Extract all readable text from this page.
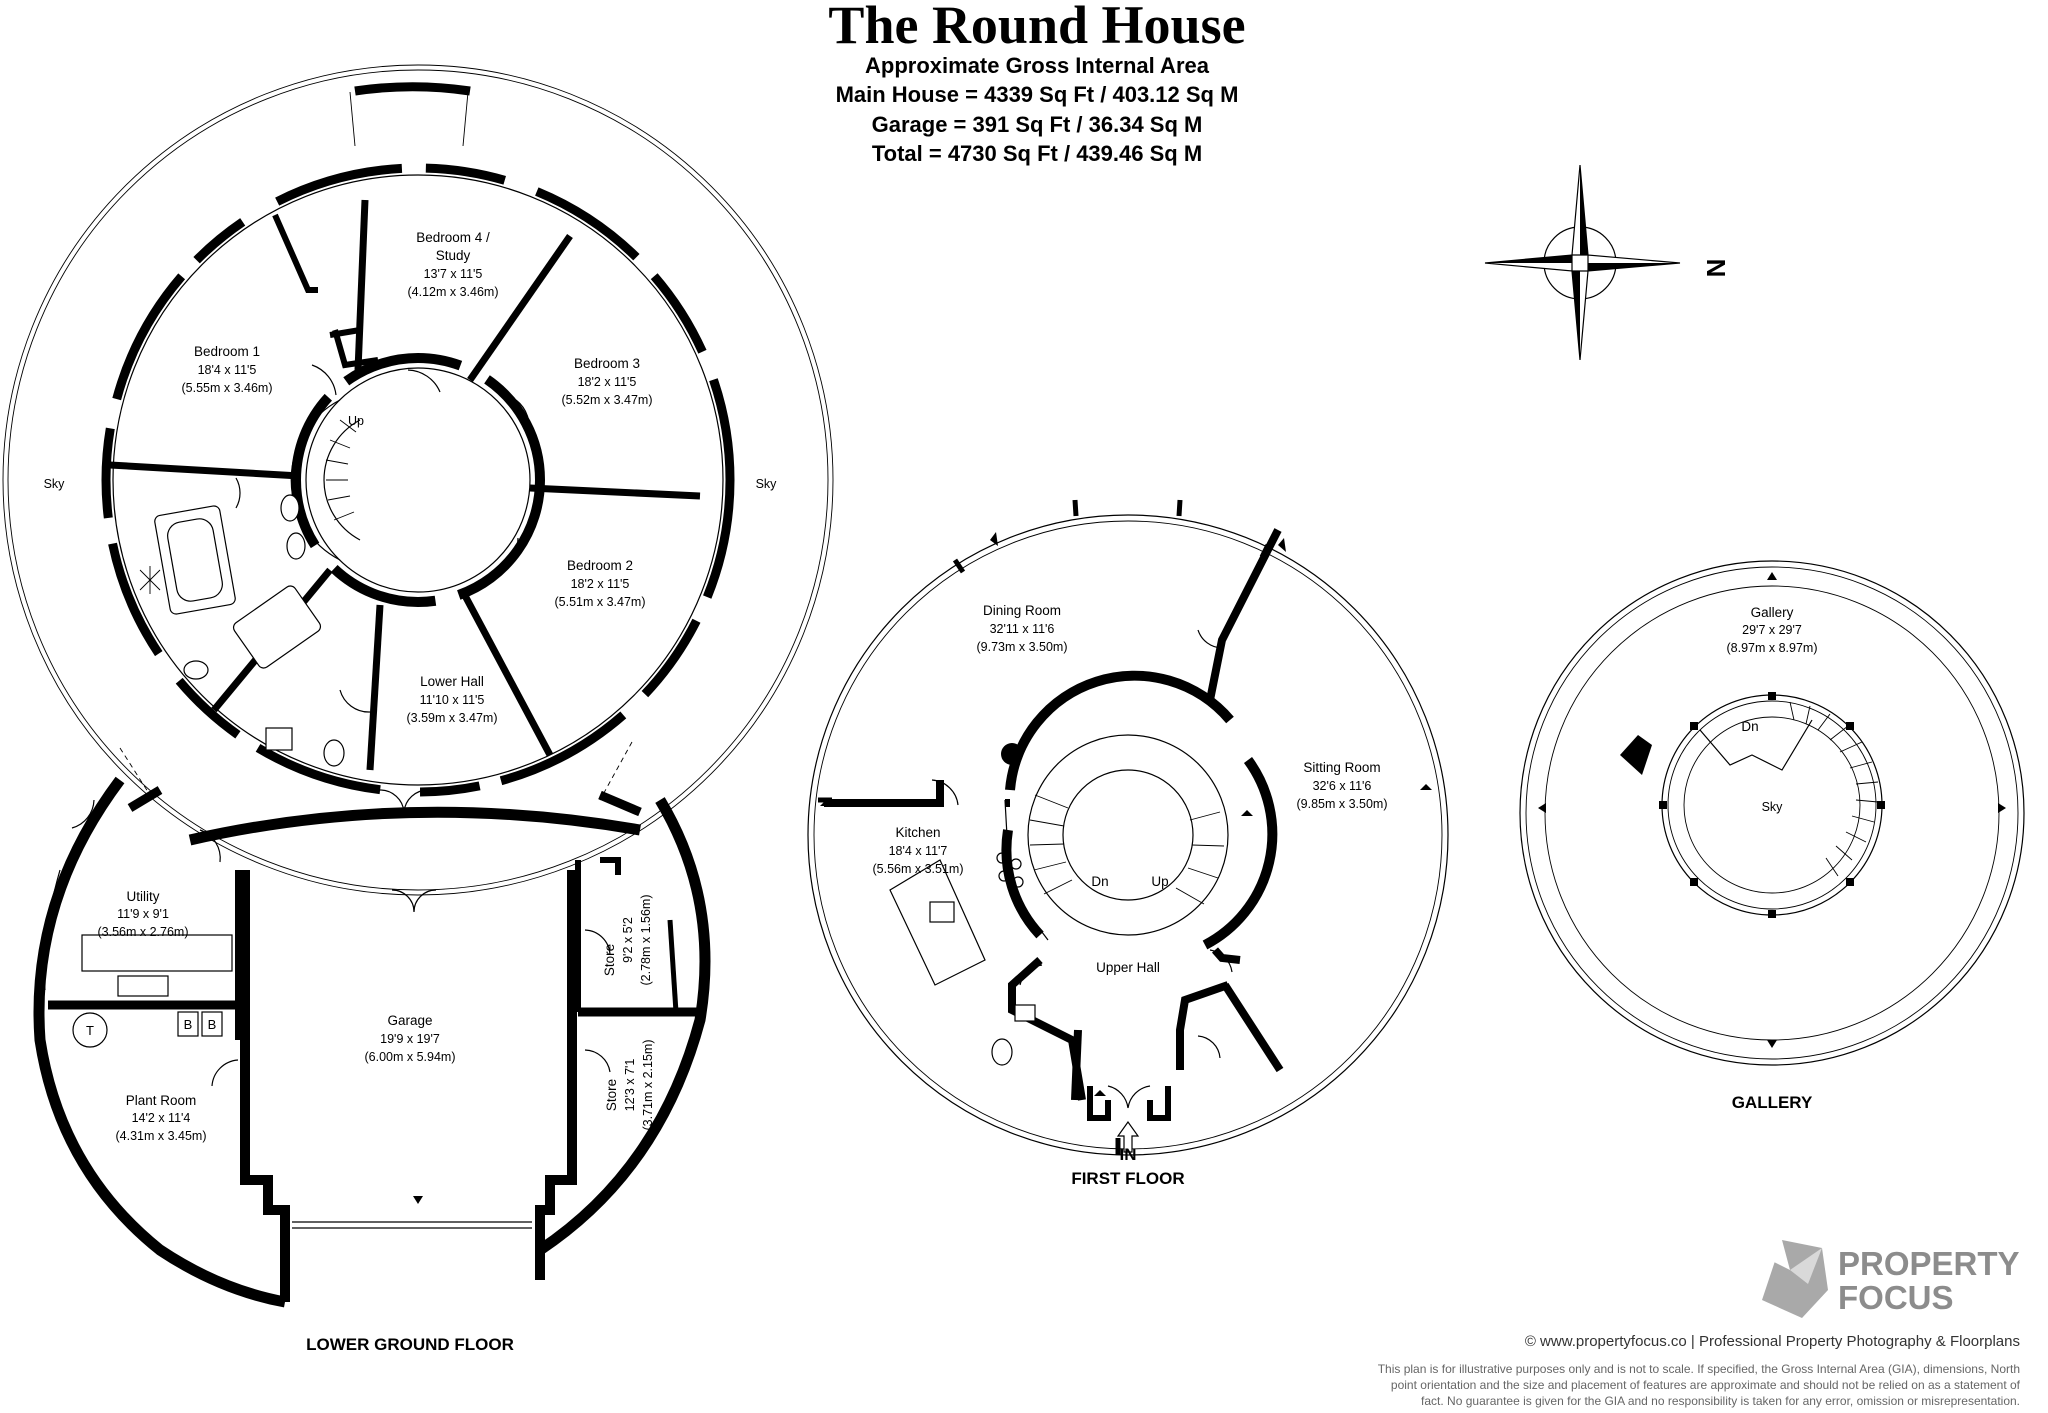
The Round House
Approximate Gross Internal Area
Main House = 4339 Sq Ft / 403.12 Sq M
Garage = 391 Sq Ft / 36.34 Sq M
Total = 4730 Sq Ft / 439.46 Sq M
N
T	B B
Bedroom 4 /
Study
13'7 x 11'5
(4.12m x 3.46m)
Bedroom 1
18'4 x 11'5
(5.55m x 3.46m)
Bedroom 3
18'2 x 11'5
(5.52m x 3.47m)
Bedroom 2
18'2 x 11'5
(5.51m x 3.47m)
Lower Hall
11'10 x 11'5
(3.59m x 3.47m)
Utility
11'9 x 9'1
(3.56m x 2.76m)
Garage
19'9 x 19'7
(6.00m x 5.94m)
Store 9'2 x 5'2 (2.78m x 1.56m)
Store 12'3 x 7'1 (3.71m x 2.15m)
Plant Room
14'2 x 11'4
(4.31m x 3.45m)
Sky	Sky
Up
LOWER GROUND FLOOR
Dining Room
32'11 x 11'6
(9.73m x 3.50m)
Sitting Room
32'6 x 11'6
(9.85m x 3.50m)
Kitchen
18'4 x 11'7
(5.56m x 3.51m)
Upper Hall
Dn	Up
IN
FIRST FLOOR
Gallery
29'7 x 29'7
(8.97m x 8.97m)
Dn
Sky
GALLERY
PROPERTY
FOCUS
© www.propertyfocus.co | Professional Property Photography & Floorplans
This plan is for illustrative purposes only and is not to scale. If specified, the Gross Internal Area (GIA), dimensions, North
point orientation and the size and placement of features are approximate and should not be relied on as a statement of
fact. No guarantee is given for the GIA and no responsibility is taken for any error, omission or misrepresentation.
